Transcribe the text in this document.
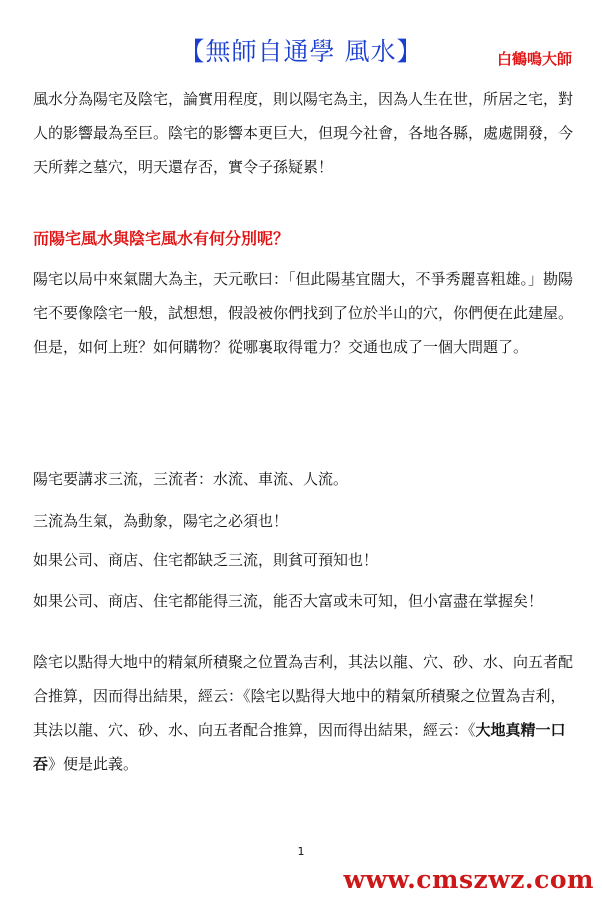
【無師自通學 風水】	白鶴鳴大師

風水分為陽宅及陰宅，論實用程度，則以陽宅為主，因為人生在世，所居之宅，對人的影響最為至巨。陰宅的影響本更巨大，但現今社會，各地各縣，處處開發，今天所葬之墓穴，明天還存否，實令子孫疑累！

而陽宅風水與陰宅風水有何分別呢？

陽宅以局中來氣闊大為主，天元歌曰：「但此陽基宜闊大，不爭秀麗喜粗雄。」勘陽宅不要像陰宅一般，試想想，假設被你們找到了位於半山的穴，你們便在此建屋。但是，如何上班？如何購物？從哪裏取得電力？交通也成了一個大問題了。

陽宅要講求三流，三流者：水流、車流、人流。

三流為生氣，為動象，陽宅之必須也！

如果公司、商店、住宅都缺乏三流，則貧可預知也！

如果公司、商店、住宅都能得三流，能否大富或未可知，但小富盡在掌握矣！

陰宅以點得大地中的精氣所積聚之位置為吉利，其法以龍、穴、砂、水、向五者配合推算，因而得出結果，經云：《陰宅以點得大地中的精氣所積聚之位置為吉利，其法以龍、穴、砂、水、向五者配合推算，因而得出結果，經云：《大地真精一口吞》便是此義。

1
www.cmszwz.com
